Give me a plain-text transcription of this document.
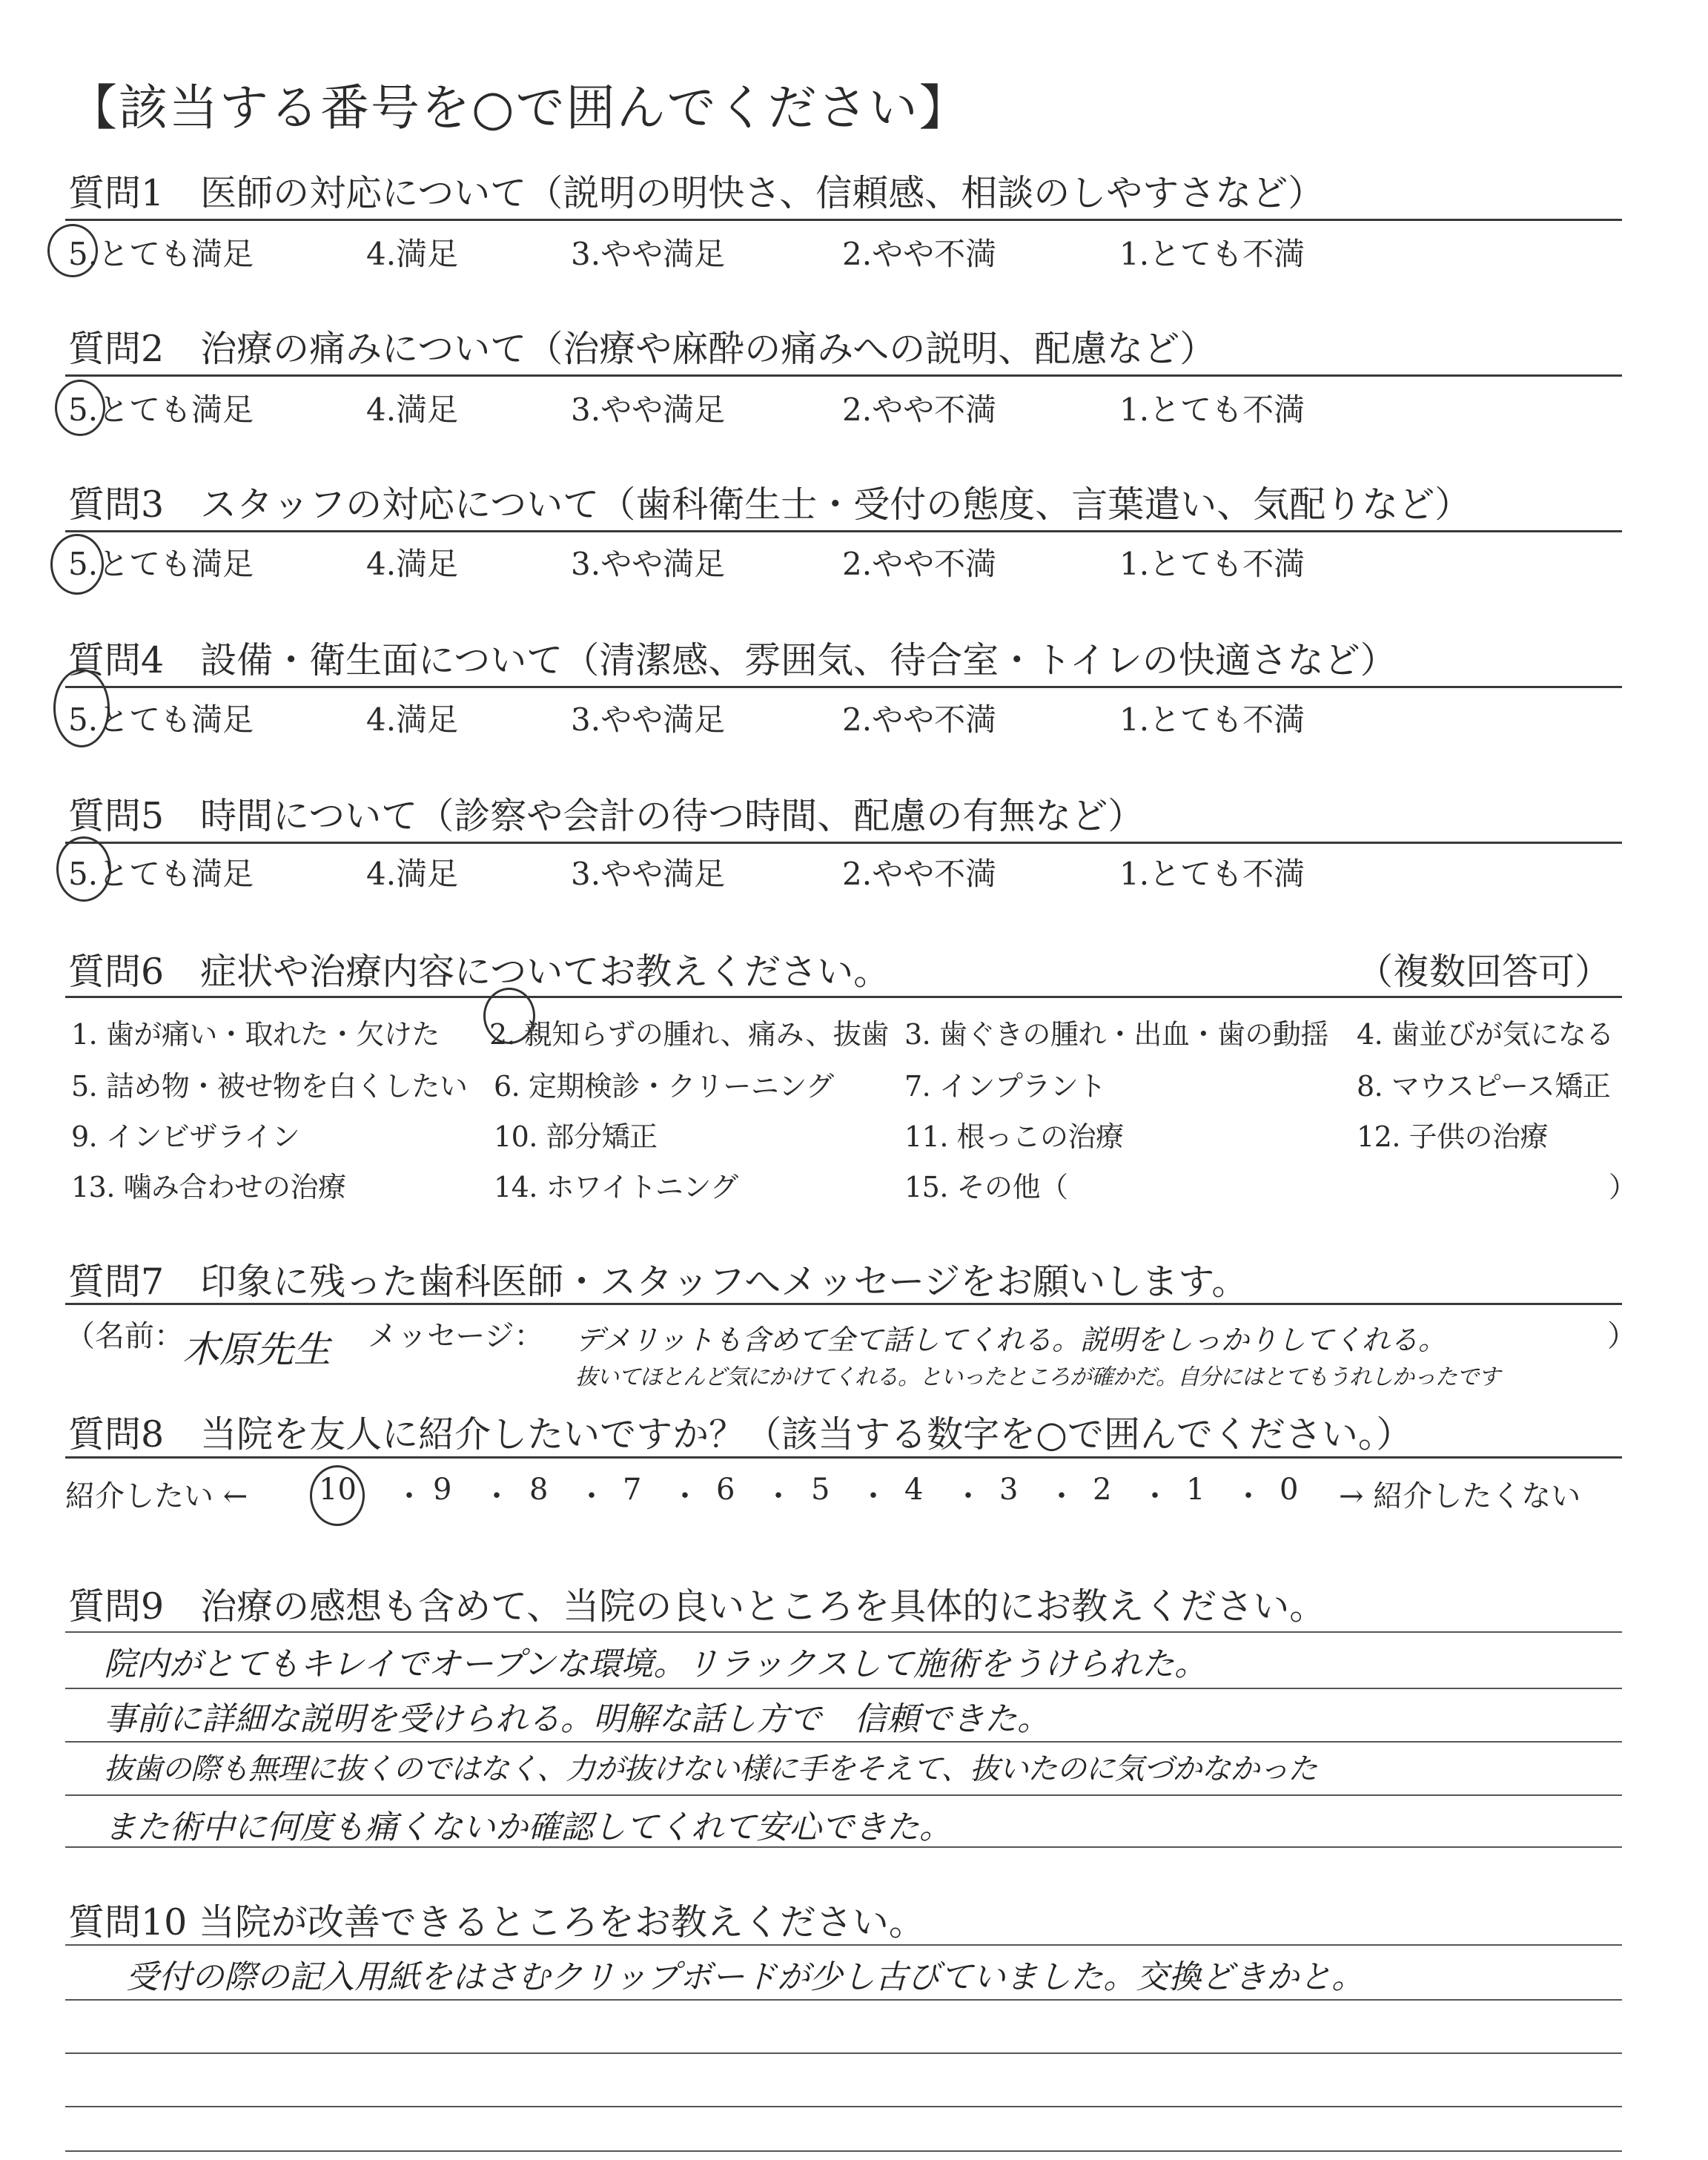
【該当する番号を○で囲んでください】
質問1　医師の対応について（説明の明快さ、信頼感、相談のしやすさなど）
5.とても満足	4.満足	3.やや満足	2.やや不満	1.とても不満
質問2　治療の痛みについて（治療や麻酔の痛みへの説明、配慮など）
5.とても満足	4.満足	3.やや満足	2.やや不満	1.とても不満
質問3　スタッフの対応について（歯科衛生士・受付の態度、言葉遣い、気配りなど）
5.とても満足	4.満足	3.やや満足	2.やや不満	1.とても不満
質問4　設備・衛生面について（清潔感、雰囲気、待合室・トイレの快適さなど）
5.とても満足	4.満足	3.やや満足	2.やや不満	1.とても不満
質問5　時間について（診察や会計の待つ時間、配慮の有無など）
5.とても満足	4.満足	3.やや満足	2.やや不満	1.とても不満
質問6　症状や治療内容についてお教えください。	（複数回答可）
1. 歯が痛い・取れた・欠けた 2. 親知らずの腫れ、痛み、抜歯 3. 歯ぐきの腫れ・出血・歯の動揺 4. 歯並びが気になる
5. 詰め物・被せ物を白くしたい 6. 定期検診・クリーニング	7. インプラント	8. マウスピース矯正
9. インビザライン	10. 部分矯正	11. 根っこの治療	12. 子供の治療
13. 噛み合わせの治療	14. ホワイトニング	15. その他（	）
質問7　印象に残った歯科医師・スタッフへメッセージをお願いします。
（名前：
木原先生 メッセージ： デメリットも含めて全て話してくれる。説明をしっかりしてくれる。
抜いてほとんど気にかけてくれる。といったところが確かだ。自分にはとてもうれしかったです
）
質問8　当院を友人に紹介したいですか？（該当する数字を○で囲んでください。）
紹介したい ← 10 ・ 9 ・ 8 ・ 7 ・ 6 ・ 5 ・ 4 ・ 3 ・ 2 ・ 1 ・ 0 → 紹介したくない
質問9　治療の感想も含めて、当院の良いところを具体的にお教えください。
院内がとてもキレイでオープンな環境。リラックスして施術をうけられた。
事前に詳細な説明を受けられる。明解な話し方で　信頼できた。
抜歯の際も無理に抜くのではなく、力が抜けない様に手をそえて、抜いたのに気づかなかった
また術中に何度も痛くないか確認してくれて安心できた。
質問10 当院が改善できるところをお教えください。
受付の際の記入用紙をはさむクリップボードが少し古びていました。交換どきかと。
